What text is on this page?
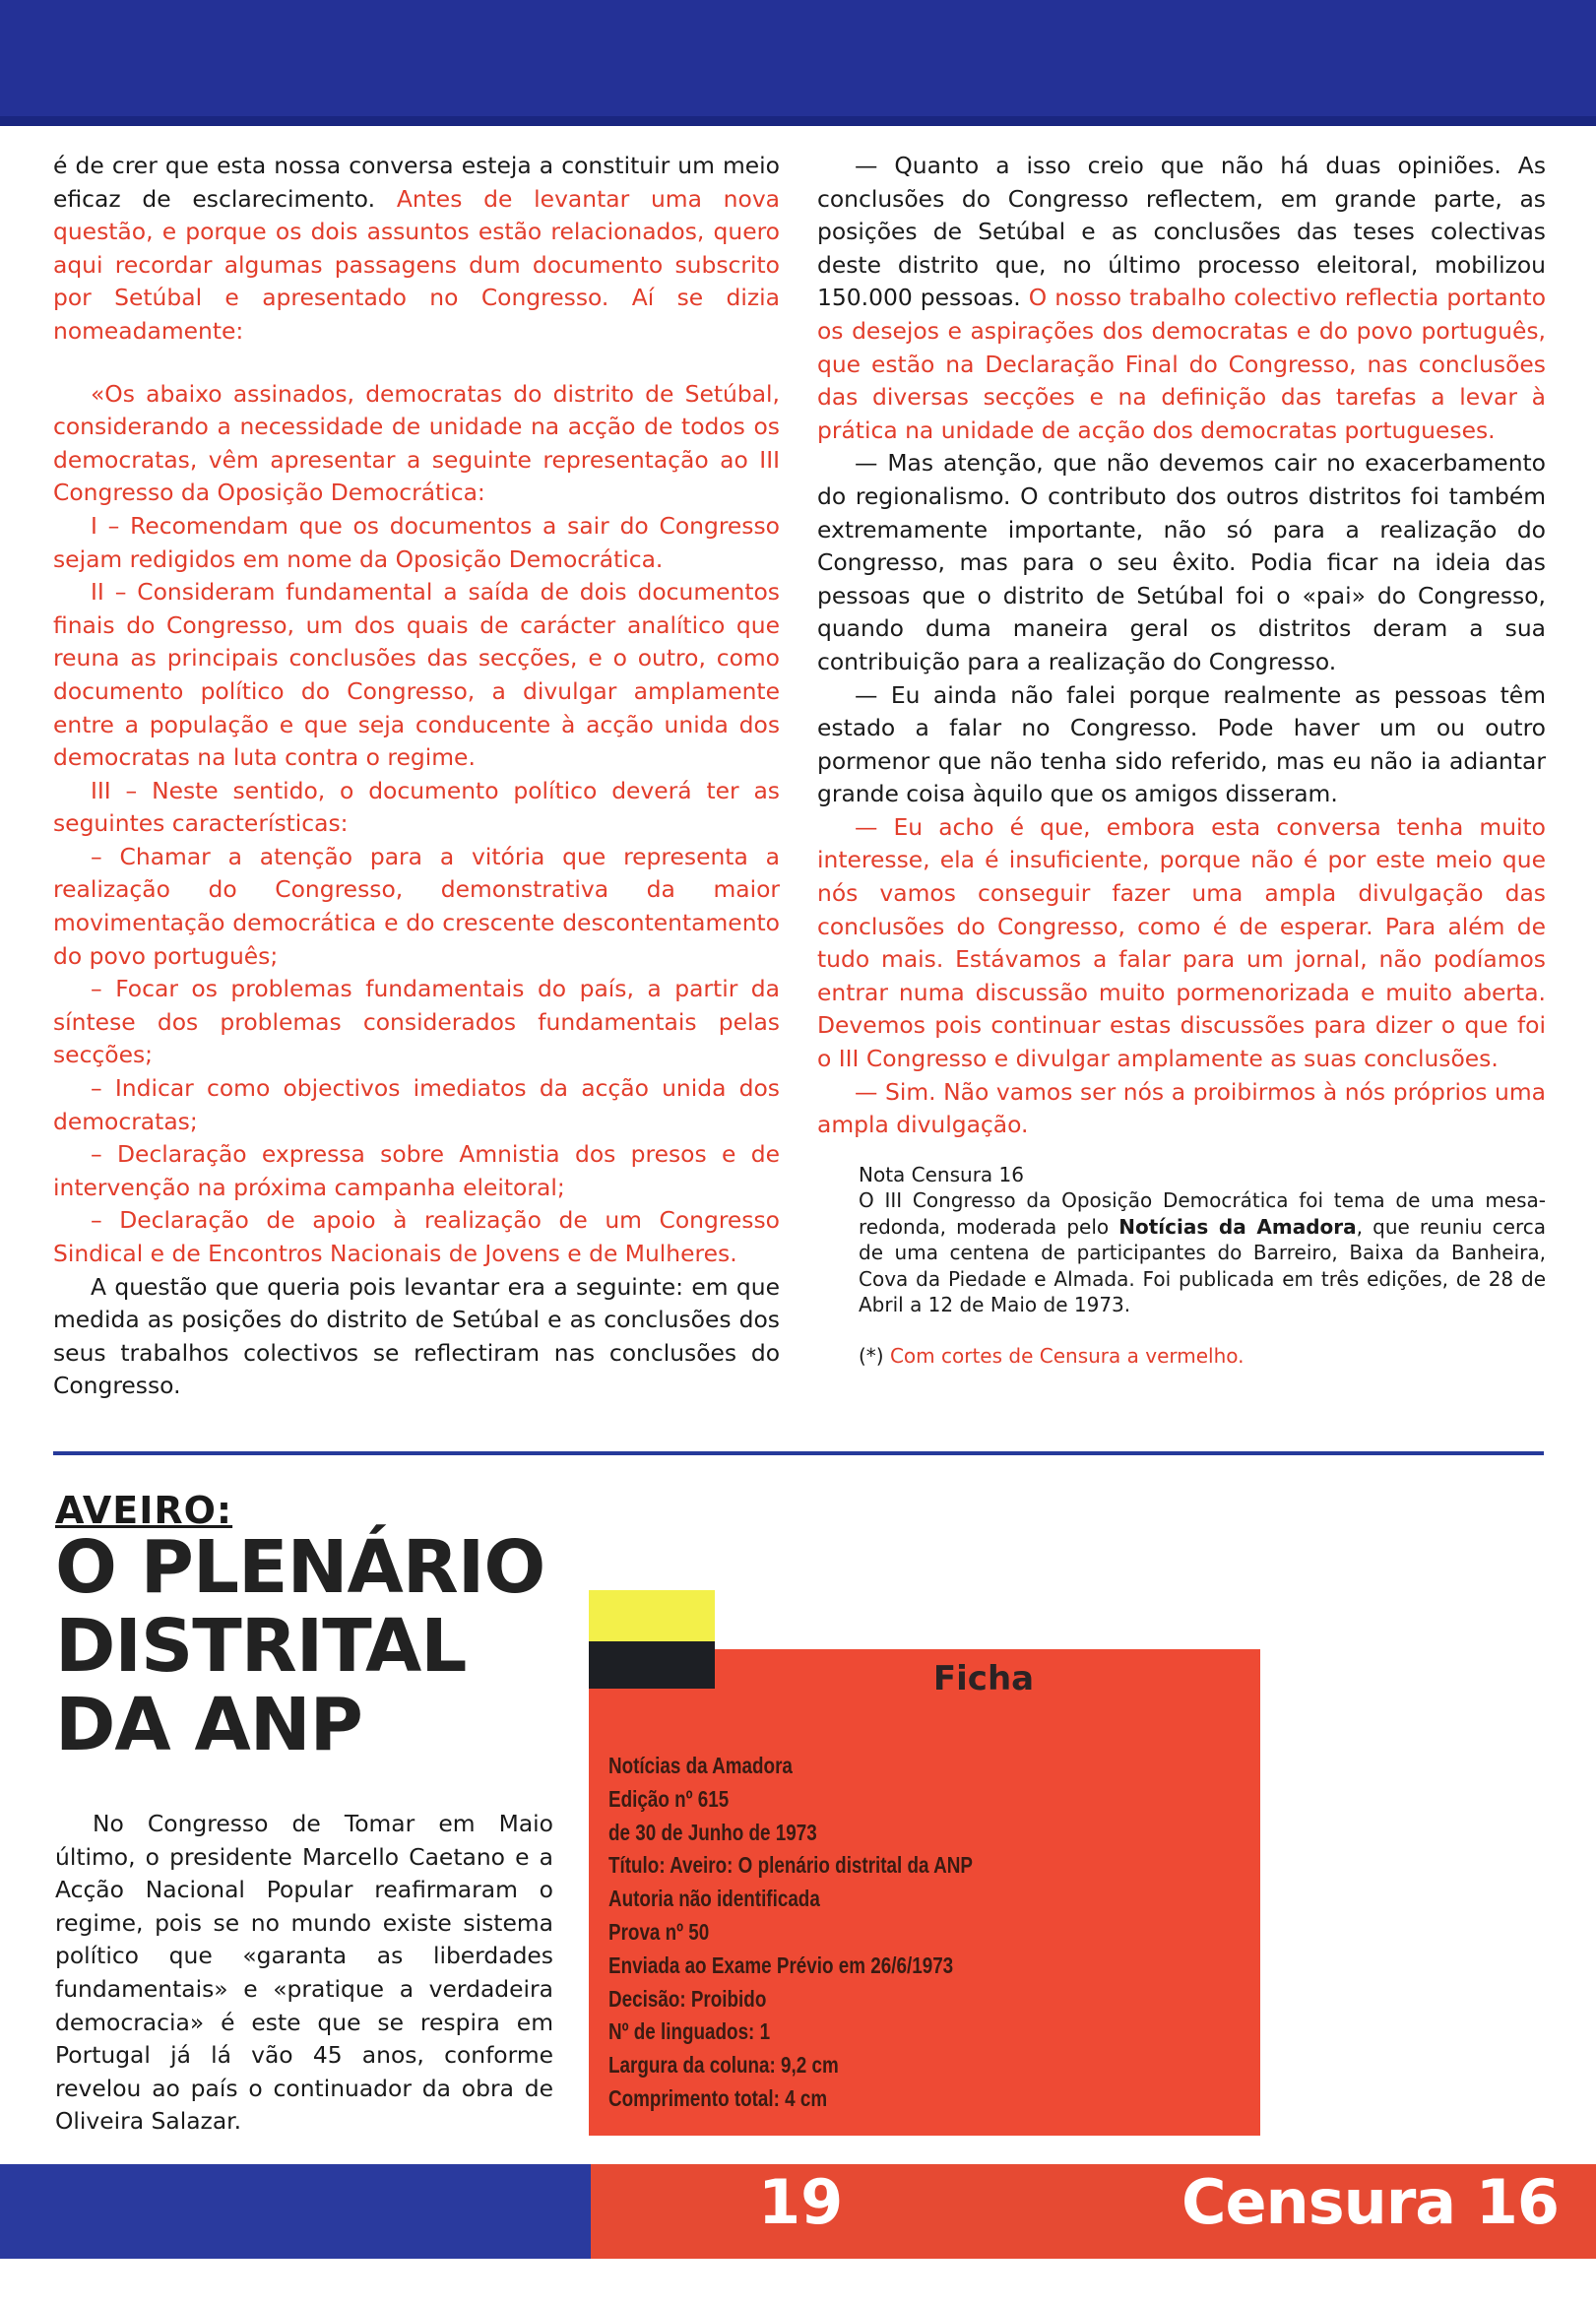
é de crer que esta nossa conversa esteja a constituir um meio eficaz de esclarecimento. Antes de levantar uma nova questão, e porque os dois assuntos estão relacionados, quero aqui recordar algumas passagens dum documento subscrito por Setúbal e apresentado no Congresso. Aí se dizia nomeadamente:

«Os abaixo assinados, democratas do distrito de Setúbal, considerando a necessidade de unidade na acção de todos os democratas, vêm apresentar a seguinte representação ao III Congresso da Oposição Democrática:

I – Recomendam que os documentos a sair do Congresso sejam redigidos em nome da Oposição Democrática.

II – Consideram fundamental a saída de dois documentos finais do Congresso, um dos quais de carácter analítico que reuna as principais conclusões das secções, e o outro, como documento político do Congresso, a divulgar amplamente entre a população e que seja conducente à acção unida dos democratas na luta contra o regime.

III – Neste sentido, o documento político deverá ter as seguintes características:

– Chamar a atenção para a vitória que representa a realização do Congresso, demonstrativa da maior movimentação democrática e do crescente descontentamento do povo português;

– Focar os problemas fundamentais do país, a partir da síntese dos problemas considerados fundamentais pelas secções;

– Indicar como objectivos imediatos da acção unida dos democratas;

– Declaração expressa sobre Amnistia dos presos e de intervenção na próxima campanha eleitoral;

– Declaração de apoio à realização de um Congresso Sindical e de Encontros Nacionais de Jovens e de Mulheres.

A questão que queria pois levantar era a seguinte: em que medida as posições do distrito de Setúbal e as conclusões dos seus trabalhos colectivos se reflectiram nas conclusões do Congresso.

— Quanto a isso creio que não há duas opiniões. As conclusões do Congresso reflectem, em grande parte, as posições de Setúbal e as conclusões das teses colectivas deste distrito que, no último processo eleitoral, mobilizou 150.000 pessoas. O nosso trabalho colectivo reflectia portanto os desejos e aspirações dos democratas e do povo português, que estão na Declaração Final do Congresso, nas conclusões das diversas secções e na definição das tarefas a levar à prática na unidade de acção dos democratas portugueses.

— Mas atenção, que não devemos cair no exacerbamento do regionalismo. O contributo dos outros distritos foi também extremamente importante, não só para a realização do Congresso, mas para o seu êxito. Podia ficar na ideia das pessoas que o distrito de Setúbal foi o «pai» do Congresso, quando duma maneira geral os distritos deram a sua contribuição para a realização do Congresso.

— Eu ainda não falei porque realmente as pessoas têm estado a falar no Congresso. Pode haver um ou outro pormenor que não tenha sido referido, mas eu não ia adiantar grande coisa àquilo que os amigos disseram.

— Eu acho é que, embora esta conversa tenha muito interesse, ela é insuficiente, porque não é por este meio que nós vamos conseguir fazer uma ampla divulgação das conclusões do Congresso, como é de esperar. Para além de tudo mais. Estávamos a falar para um jornal, não podíamos entrar numa discussão muito pormenorizada e muito aberta. Devemos pois continuar estas discussões para dizer o que foi o III Congresso e divulgar amplamente as suas conclusões.

— Sim. Não vamos ser nós a proibirmos à nós próprios uma ampla divulgação.

Nota Censura 16
O III Congresso da Oposição Democrática foi tema de uma mesa-redonda, moderada pelo Notícias da Amadora, que reuniu cerca de uma centena de participantes do Barreiro, Baixa da Banheira, Cova da Piedade e Almada. Foi publicada em três edições, de 28 de Abril a 12 de Maio de 1973.
(*) Com cortes de Censura a vermelho.
AVEIRO:
O PLENÁRIO
DISTRITAL
DA ANP

No Congresso de Tomar em Maio último, o presidente Marcello Caetano e a Acção Nacional Popular reafirmaram o regime, pois se no mundo existe sistema político que «garanta as liberdades fundamentais» e «pratique a verdadeira democracia» é este que se respira em Portugal já lá vão 45 anos, conforme revelou ao país o continuador da obra de Oliveira Salazar.

Ficha
Notícias da Amadora
Edição nº 615
de 30 de Junho de 1973
Título: Aveiro: O plenário distrital da ANP
Autoria não identificada
Prova nº 50
Enviada ao Exame Prévio em 26/6/1973
Decisão: Proibido
Nº de linguados: 1
Largura da coluna: 9,2 cm
Comprimento total: 4 cm
19	Censura 16
